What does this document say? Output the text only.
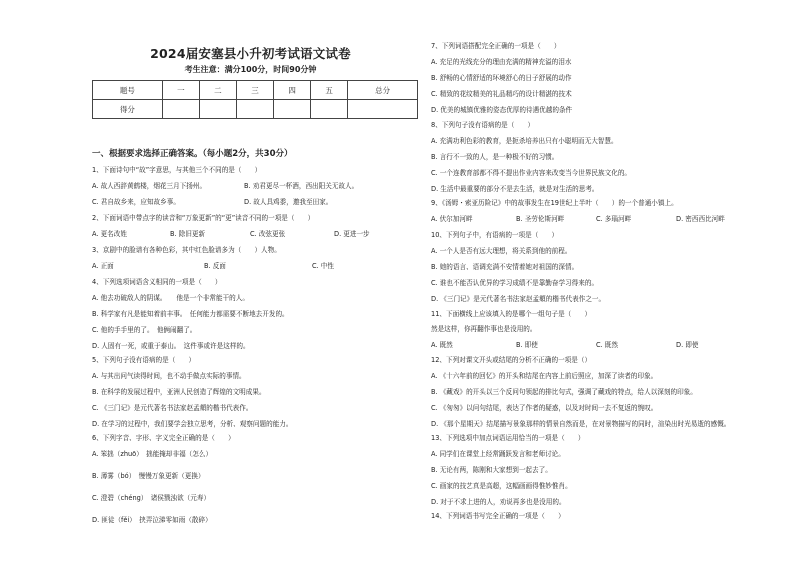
2024届安塞县小升初考试语文试卷
考生注意：满分100分，时间90分钟
题号	一	二	三	四	五	总分
得分						
一、根据要求选择正确答案。（每小题2分，共30分）
1、下面诗句中“故”字意思，与其他三个不同的是（　　）
A. 故人西辞黄鹤楼，烟花三月下扬州。	B. 劝君更尽一杯酒，西出阳关无故人。
C. 君自故乡来，应知故乡事。	D. 故人具鸡黍，邀我至田家。
2、下面词语中带点字的读音和“万象更新”的“更”读音不同的一项是（　　）
A. 更名改姓	B. 除旧更新	C. 改弦更张	D. 更进一步
3、京剧中的脸谱有各种色彩，其中红色脸谱多为（　　）人物。
A. 正面	B. 反面	C. 中性
4、下列选项词语含义相同的一项是（　　）
A. 他去功破敌人的阴谋。　　他是一个非常能干的人。
B. 科学家有凡是能知着前丰事。　任何能力都需要不断地去开发的。
C. 他的手手里的了。　他俩闹翻了。
D. 人固有一死，或重于泰山。　这件事或许是这样的。
5、下列句子没有语病的是（　　）
A. 与其出问气读得时间，也不动手做点实际的事情。
B. 在科学的发展过程中，亚洲人民创造了辉煌的文明成果。
C. 《三门记》是元代著名书法家赵孟頫的楷书代表作。
D. 在学习的过程中，我们要学会独立思考，分析、观察问题的能力。
6、下列字音、字形、字义完全正确的是（　　）
A. 笨拙（zhuō）　拙能掩却非福（怎么）
B. 薄雾（bó）　慢慢万象更新（更换）
C. 澄碧（chéng）　诸侯戮浊欲（元寿）
D. 匪徒（fěi）　挟弄泣涕零如雨（散碎）
7、下列词语搭配完全正确的一项是（　　）
A. 充足的光线充分的理由充满的精神充溢的泪水
B. 舒畅的心情舒适的环境舒心的日子舒展的动作
C. 精致的花纹精美的礼品精巧的设计精湛的技术
D. 优美的城镇优雅的姿态优厚的待遇优越的条件
8、下列句子没有语病的是（　　）
A. 充满功利色彩的教育，是扼杀培养出只有小聪明而无大智慧。
B. 言行不一致的人，是一种极不好的习惯。
C. 一个连教育部都不得不提出作业内容来改变当今世界民族文化的。
D. 生活中最重要的部分不是去生活，就是对生活的思考。
9、《汤姆・索亚历险记》中的故事发生在19世纪上半叶（　　）的一个普通小镇上。
A. 伏尔加河畔	B. 圣劳伦斯河畔	C. 多瑙河畔	D. 密西西比河畔
10、下列句子中，有语病的一项是（　　）
A. 一个人是否有远大理想，将关系到他的前程。
B. 她的语言、语调充满不安情着她对祖国的深情。
C. 谁也不能否认优异的学习成绩不是靠勤奋学习得来的。
D. 《三门记》是元代著名书法家赵孟頫的楷书代表作之一。
11、下面横线上应该填入的是哪个一组句子是（　　）
然是这样，你再翻作事也是没用的。
A. 既然	B. 即使	C. 既然	D. 即使
12、下列对课文开头或结尾的分析不正确的一项是（）
A. 《十六年前的回忆》的开头和结尾在内容上前后照应，加深了读者的印象。
B. 《藏戏》的开头以三个反问句领起的排比句式，强调了藏戏的特点，给人以深刻的印象。
C. 《匆匆》以问句结尾，表达了作者的疑惑，以及对时间一去不复返的惋叹。
D. 《那个星期天》结尾描写景象那样的情景自然而是，在对景物描写的同时，渲染出时光易逝的感慨。
13、下列选项中加点词语运用恰当的一项是（　　）
A. 同学们在课堂上经常踊跃发言和老师讨论。
B. 无论有两，陈刚和大家想到一起去了。
C. 画家的技艺真是高超，这幅画画得惟妙惟肖。
D. 对于不求上进的人，劝说再多也是没用的。
14、下列词语书写完全正确的一项是（　　）
